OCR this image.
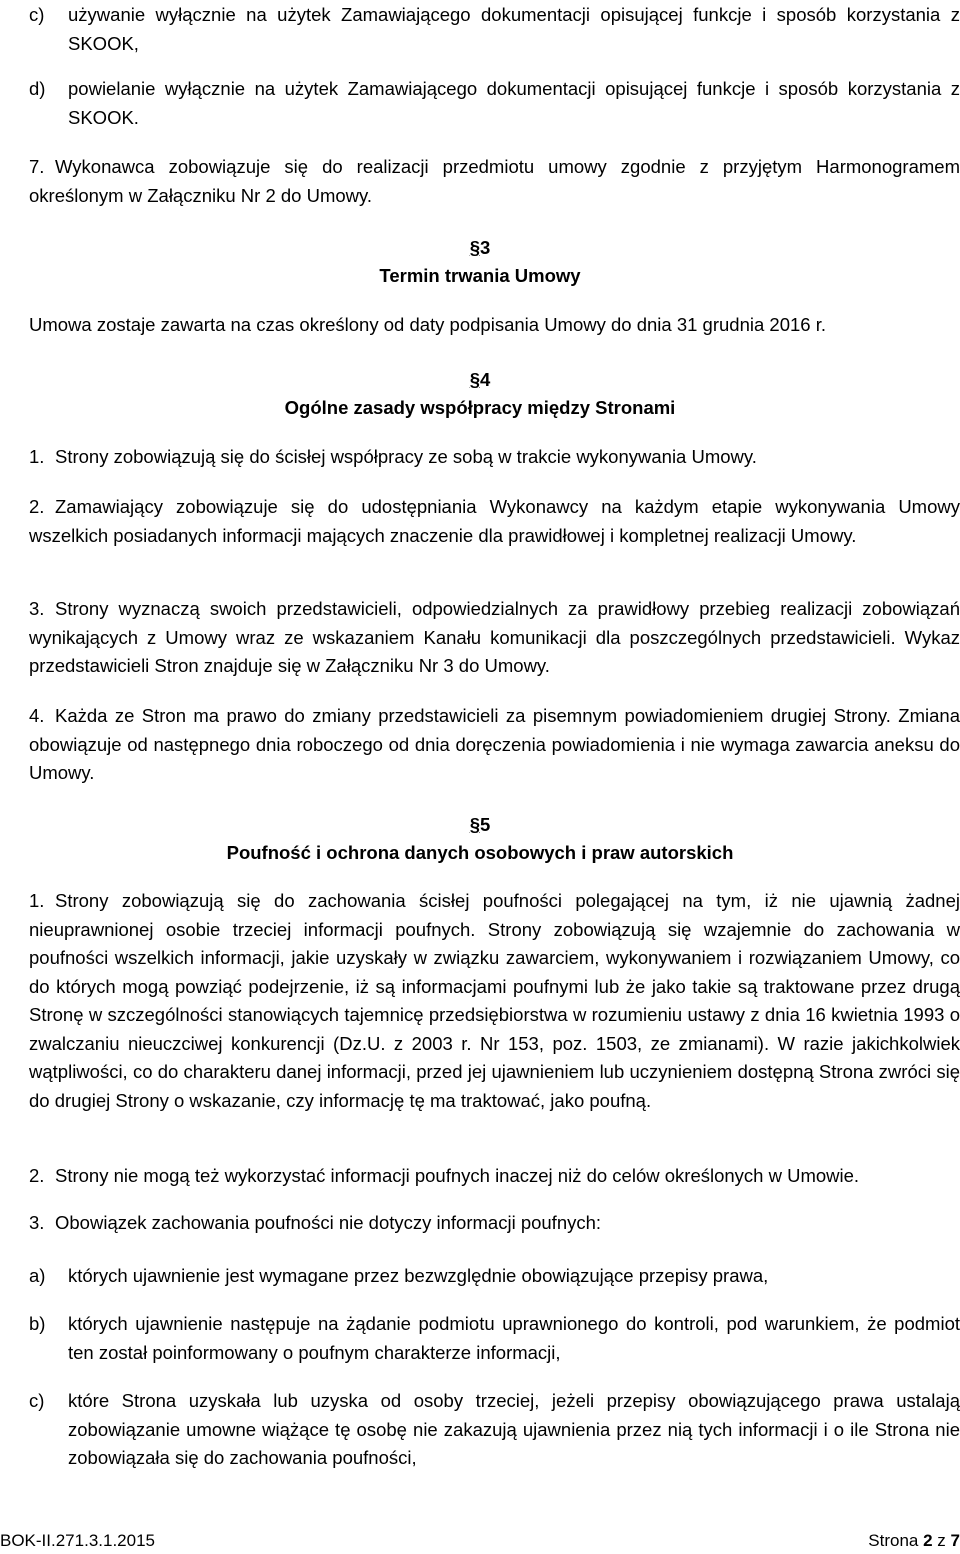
c) używanie wyłącznie na użytek Zamawiającego dokumentacji opisującej funkcje i sposób korzystania z SKOOK,
d) powielanie wyłącznie na użytek Zamawiającego dokumentacji opisującej funkcje i sposób korzystania z SKOOK.

7. Wykonawca zobowiązuje się do realizacji przedmiotu umowy zgodnie z przyjętym Harmonogramem określonym w Załączniku Nr 2 do Umowy.

§3
Termin trwania Umowy

Umowa zostaje zawarta na czas określony od daty podpisania Umowy do dnia 31 grudnia 2016 r.

§4
Ogólne zasady współpracy między Stronami

1. Strony zobowiązują się do ścisłej współpracy ze sobą w trakcie wykonywania Umowy.

2. Zamawiający zobowiązuje się do udostępniania Wykonawcy na każdym etapie wykonywania Umowy wszelkich posiadanych informacji mających znaczenie dla prawidłowej i kompletnej realizacji Umowy.

3. Strony wyznaczą swoich przedstawicieli, odpowiedzialnych za prawidłowy przebieg realizacji zobowiązań wynikających z Umowy wraz ze wskazaniem Kanału komunikacji dla poszczególnych przedstawicieli. Wykaz przedstawicieli Stron znajduje się w Załączniku Nr 3 do Umowy.

4. Każda ze Stron ma prawo do zmiany przedstawicieli za pisemnym powiadomieniem drugiej Strony. Zmiana obowiązuje od następnego dnia roboczego od dnia doręczenia powiadomienia i nie wymaga zawarcia aneksu do Umowy.

§5
Poufność i ochrona danych osobowych i praw autorskich

1. Strony zobowiązują się do zachowania ścisłej poufności polegającej na tym, iż nie ujawnią żadnej nieuprawnionej osobie trzeciej informacji poufnych. Strony zobowiązują się wzajemnie do zachowania w poufności wszelkich informacji, jakie uzyskały w związku zawarciem, wykonywaniem i rozwiązaniem Umowy, co do których mogą powziąć podejrzenie, iż są informacjami poufnymi lub że jako takie są traktowane przez drugą Stronę w szczególności stanowiących tajemnicę przedsiębiorstwa w rozumieniu ustawy z dnia 16 kwietnia 1993 o zwalczaniu nieuczciwej konkurencji (Dz.U. z 2003 r. Nr 153, poz. 1503, ze zmianami). W razie jakichkolwiek wątpliwości, co do charakteru danej informacji, przed jej ujawnieniem lub uczynieniem dostępną Strona zwróci się do drugiej Strony o wskazanie, czy informację tę ma traktować, jako poufną.

2. Strony nie mogą też wykorzystać informacji poufnych inaczej niż do celów określonych w Umowie.

3. Obowiązek zachowania poufności nie dotyczy informacji poufnych:

a) których ujawnienie jest wymagane przez bezwzględnie obowiązujące przepisy prawa,
b) których ujawnienie następuje na żądanie podmiotu uprawnionego do kontroli, pod warunkiem, że podmiot ten został poinformowany o poufnym charakterze informacji,
c) które Strona uzyskała lub uzyska od osoby trzeciej, jeżeli przepisy obowiązującego prawa ustalają zobowiązanie umowne wiążące tę osobę nie zakazują ujawnienia przez nią tych informacji i o ile Strona nie zobowiązała się do zachowania poufności,
BOK-II.271.3.1.2015	Strona 2 z 7
